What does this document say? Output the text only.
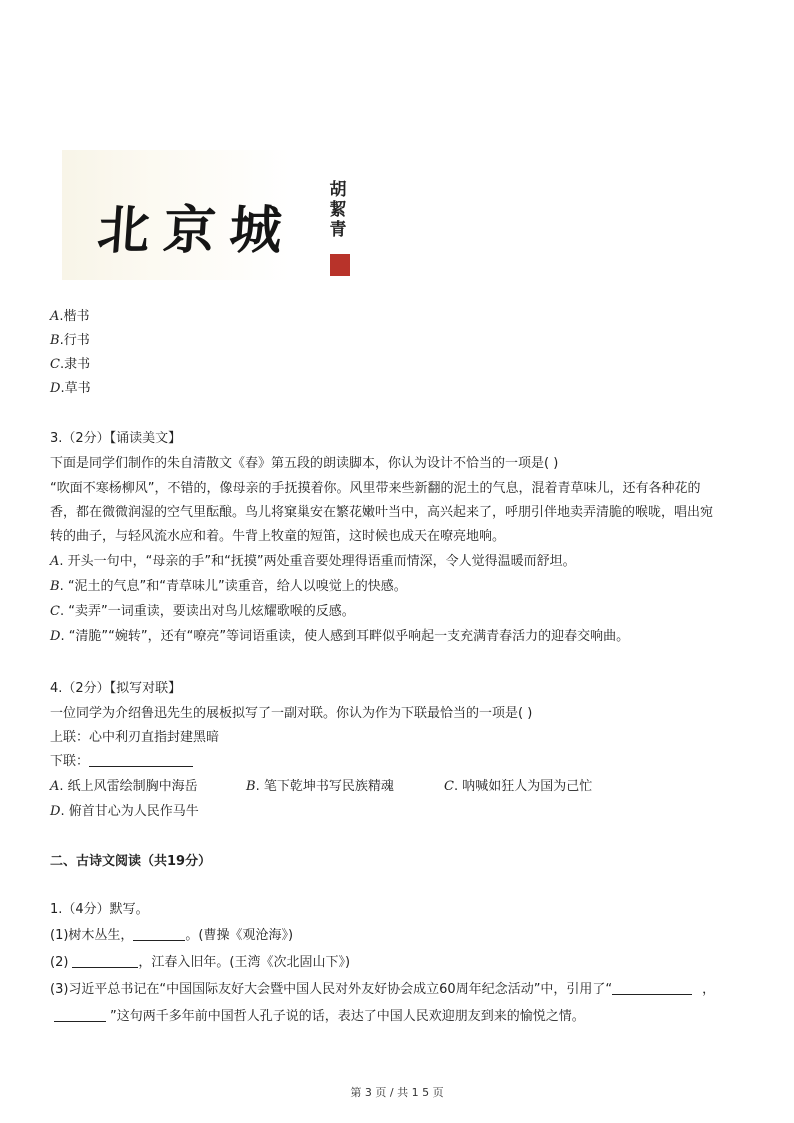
北京城
胡
絜
青
A.楷书
B.行书
C.隶书
D.草书
3.（2分）【诵读美文】
下面是同学们制作的朱自清散文《春》第五段的朗读脚本，你认为设计不恰当的一项是( )
“吹面不寒杨柳风”，不错的，像母亲的手抚摸着你。风里带来些新翻的泥土的气息，混着青草味儿，还有各种花的
香，都在微微润湿的空气里酝酿。鸟儿将窠巢安在繁花嫩叶当中，高兴起来了，呼朋引伴地卖弄清脆的喉咙，唱出宛
转的曲子，与轻风流水应和着。牛背上牧童的短笛，这时候也成天在嘹亮地响。
A. 开头一句中，“母亲的手”和“抚摸”两处重音要处理得语重而情深，令人觉得温暖而舒坦。
B. “泥土的气息”和“青草味儿”读重音，给人以嗅觉上的快感。
C. “卖弄”一词重读，要读出对鸟儿炫耀歌喉的反感。
D. “清脆”“婉转”，还有“嘹亮”等词语重读，使人感到耳畔似乎响起一支充满青春活力的迎春交响曲。
4.（2分）【拟写对联】
一位同学为介绍鲁迅先生的展板拟写了一副对联。你认为作为下联最恰当的一项是( )
上联：心中利刃直指封建黑暗
下联：
A. 纸上风雷绘制胸中海岳	B. 笔下乾坤书写民族精魂	C. 呐喊如狂人为国为己忙
D. 俯首甘心为人民作马牛
二、古诗文阅读（共19分）
1.（4分）默写。
(1)树木丛生，	。(曹操《观沧海》)
(2)	，江春入旧年。(王湾《次北固山下》)
(3)习近平总书记在“中国国际友好大会暨中国人民对外友好协会成立60周年纪念活动”中，引用了“	，
”这句两千多年前中国哲人孔子说的话，表达了中国人民欢迎朋友到来的愉悦之情。
第 3 页 / 共 1 5 页
